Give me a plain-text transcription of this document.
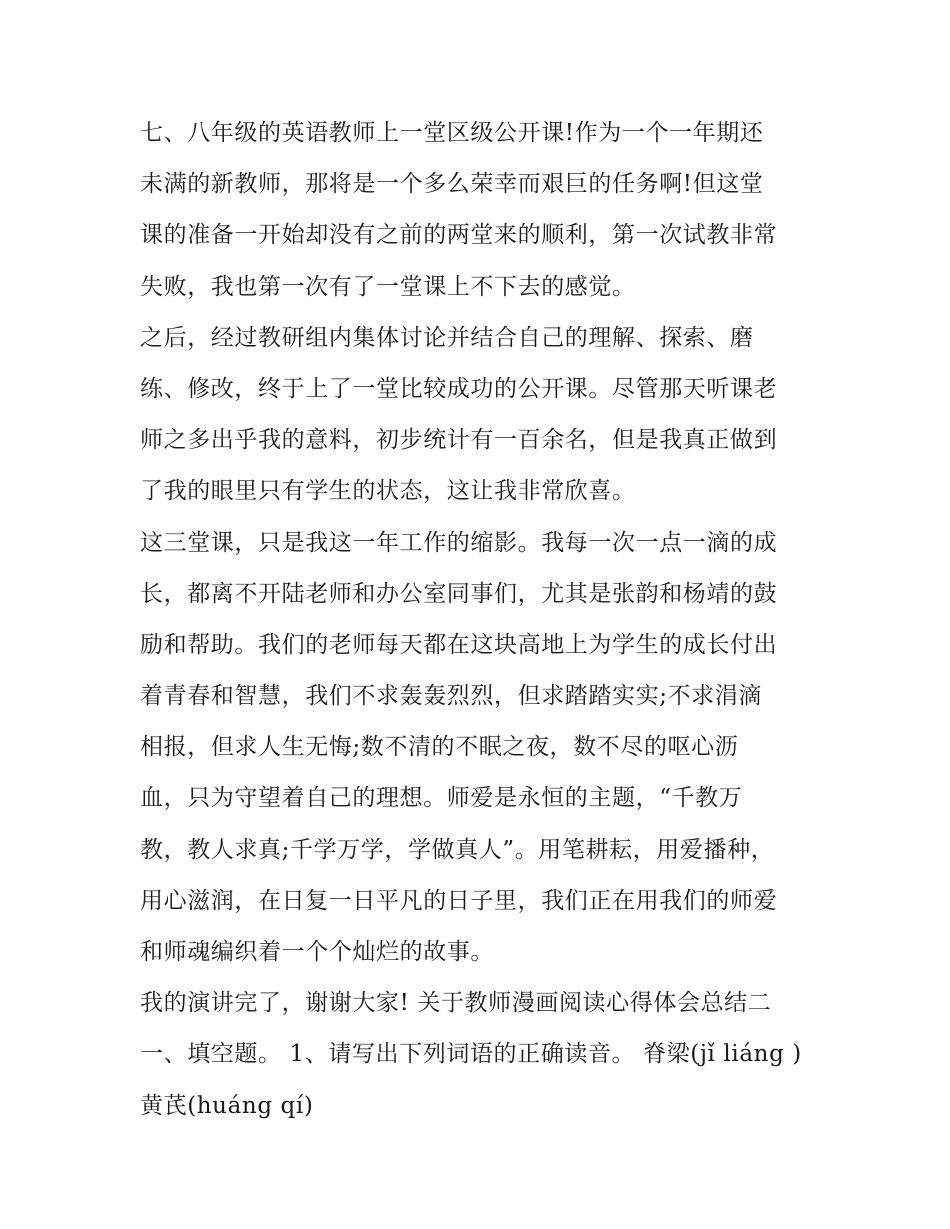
七、八年级的英语教师上一堂区级公开课!作为一个一年期还
未满的新教师，那将是一个多么荣幸而艰巨的任务啊!但这堂
课的准备一开始却没有之前的两堂来的顺利，第一次试教非常
失败，我也第一次有了一堂课上不下去的感觉。
之后，经过教研组内集体讨论并结合自己的理解、探索、磨
练、修改，终于上了一堂比较成功的公开课。尽管那天听课老
师之多出乎我的意料，初步统计有一百余名，但是我真正做到
了我的眼里只有学生的状态，这让我非常欣喜。
这三堂课，只是我这一年工作的缩影。我每一次一点一滴的成
长，都离不开陆老师和办公室同事们，尤其是张韵和杨靖的鼓
励和帮助。我们的老师每天都在这块高地上为学生的成长付出
着青春和智慧，我们不求轰轰烈烈，但求踏踏实实;不求涓滴
相报，但求人生无悔;数不清的不眠之夜，数不尽的呕心沥
血，只为守望着自己的理想。师爱是永恒的主题，“千教万
教，教人求真;千学万学，学做真人”。用笔耕耘，用爱播种，
用心滋润，在日复一日平凡的日子里，我们正在用我们的师爱
和师魂编织着一个个灿烂的故事。
我的演讲完了，谢谢大家! 关于教师漫画阅读心得体会总结二
一、填空题。 1、请写出下列词语的正确读音。 脊梁(jǐ liáng )
黄芪(huáng qí)
